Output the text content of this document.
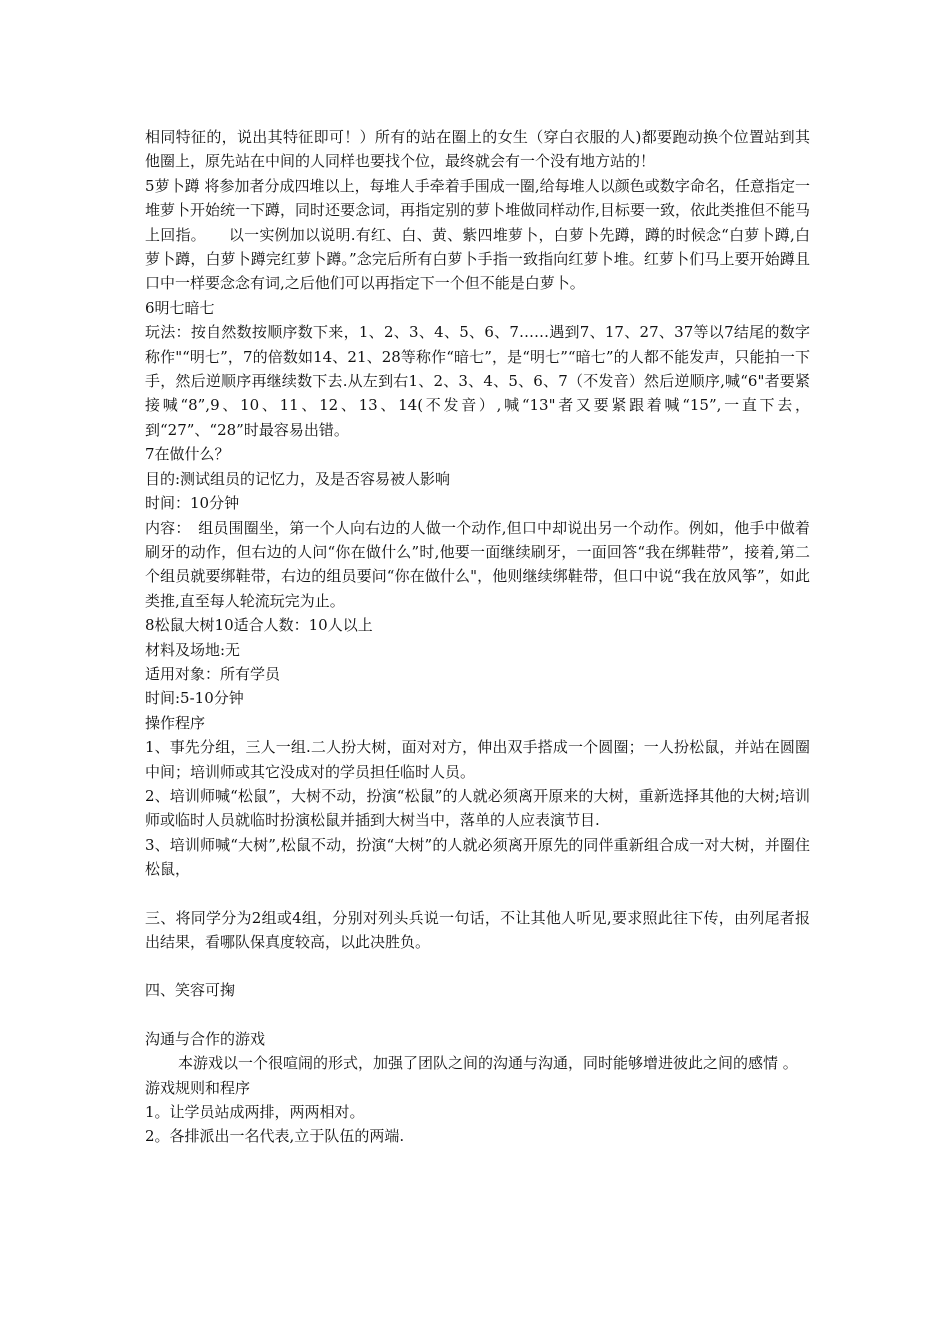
相同特征的，说出其特征即可！）所有的站在圈上的女生（穿白衣服的人)都要跑动换个位置站到其他圈上，原先站在中间的人同样也要找个位，最终就会有一个没有地方站的！

5萝卜蹲 将参加者分成四堆以上，每堆人手牵着手围成一圈,给每堆人以颜色或数字命名，任意指定一堆萝卜开始统一下蹲，同时还要念词，再指定别的萝卜堆做同样动作,目标要一致，依此类推但不能马上回指。　　以一实例加以说明.有红、白、黄、紫四堆萝卜，白萝卜先蹲，蹲的时候念“白萝卜蹲,白萝卜蹲，白萝卜蹲完红萝卜蹲。”念完后所有白萝卜手指一致指向红萝卜堆。红萝卜们马上要开始蹲且口中一样要念念有词,之后他们可以再指定下一个但不能是白萝卜。

6明七暗七

玩法：按自然数按顺序数下来，1、2、3、4、5、6、7……遇到7、17、27、37等以7结尾的数字称作"“明七”，7的倍数如14、21、28等称作“暗七”，是“明七”“暗七”的人都不能发声，只能拍一下手，然后逆顺序再继续数下去.从左到右1、2、3、4、5、6、7（不发音）然后逆顺序,喊“6"者要紧接喊“8”,9、10、11、12、13、14(不发音）,喊“13"者又要紧跟着喊“15”,一直下去，到“27”、“28”时最容易出错。

7在做什么？

目的:测试组员的记忆力，及是否容易被人影响

时间：10分钟

内容：　组员围圈坐，第一个人向右边的人做一个动作,但口中却说出另一个动作。例如，他手中做着刷牙的动作，但右边的人问“你在做什么”时,他要一面继续刷牙，一面回答“我在绑鞋带”，接着,第二个组员就要绑鞋带，右边的组员要问“你在做什么"，他则继续绑鞋带，但口中说“我在放风筝”，如此类推,直至每人轮流玩完为止。

8松鼠大树10适合人数：10人以上

材料及场地:无

适用对象：所有学员

时间:5-10分钟

操作程序

1、事先分组，三人一组.二人扮大树，面对对方，伸出双手搭成一个圆圈；一人扮松鼠，并站在圆圈中间；培训师或其它没成对的学员担任临时人员。

2、培训师喊“松鼠”，大树不动，扮演“松鼠”的人就必须离开原来的大树，重新选择其他的大树;培训师或临时人员就临时扮演松鼠并插到大树当中，落单的人应表演节目.

3、培训师喊“大树”,松鼠不动，扮演“大树”的人就必须离开原先的同伴重新组合成一对大树，并圈住松鼠，

三、将同学分为2组或4组，分别对列头兵说一句话，不让其他人听见,要求照此往下传，由列尾者报出结果，看哪队保真度较高，以此决胜负。

四、笑容可掬

沟通与合作的游戏

本游戏以一个很喧闹的形式，加强了团队之间的沟通与沟通，同时能够增进彼此之间的感情 。

游戏规则和程序

1。让学员站成两排，两两相对。

2。各排派出一名代表,立于队伍的两端.
